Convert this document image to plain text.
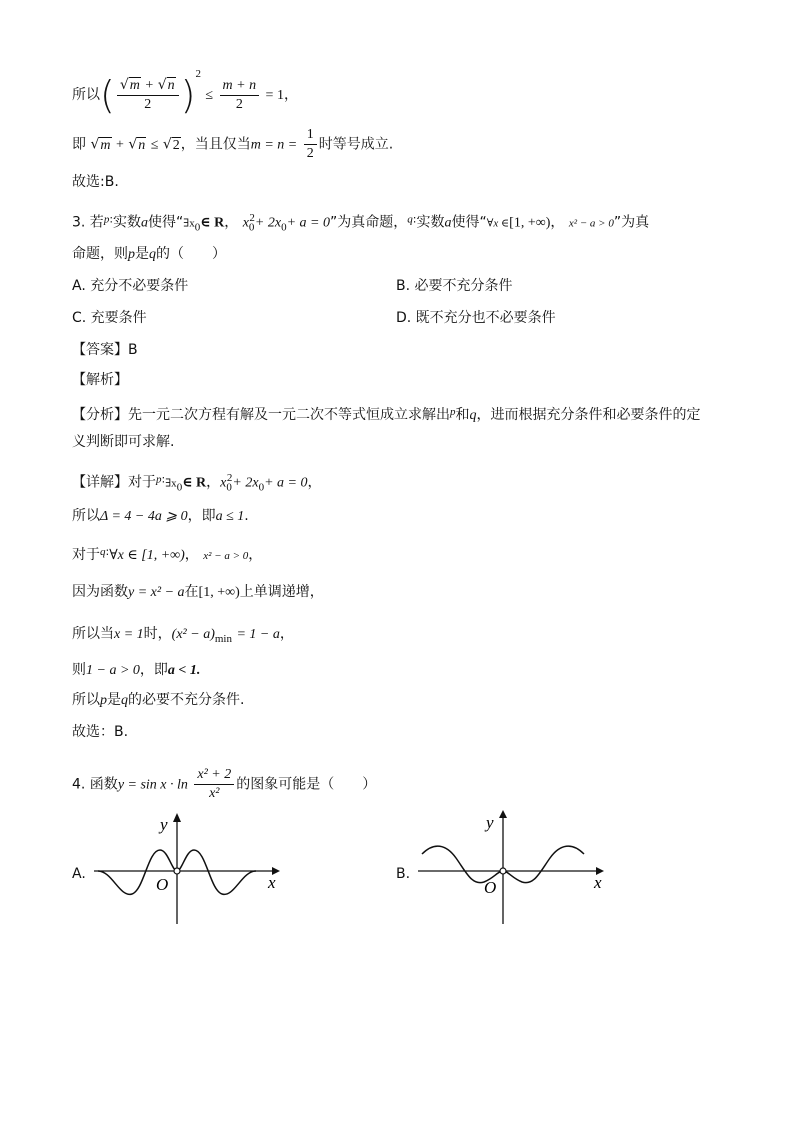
所以( $\frac{√m + √n}{2} )^2 \le \frac{m + n}{2} = 1$，
即 √m + √n ≤ √2，当且仅当$m = n = \frac{1}{2}$ 时等号成立.
故选:B.
3. 若$^{p:}$实数a使得“$\exists x_0\in$ R， $x_0^2+ 2x_0+ a = 0$”为真命题，$^{q:}$实数a使得“∀x ∈[1, +∞)， x² − a > 0”为真
命题，则p是q的（　　）
A. 充分不必要条件	B. 必要不充分条件
C. 充要条件	D. 既不充分也不必要条件
【答案】B
【解析】
【分析】先一元二次方程有解及一元二次不等式恒成立求解出$^p$和q，进而根据充分条件和必要条件的定
义判断即可求解.
【详解】对于$^{p:}\exists x_0\in$ R，$x_0^2+ 2x_0+ a = 0$，
所以Δ = 4 − 4a ⩾ 0，即a ≤ 1.
对于$^{q:}$∀x ∈ [1, +∞)， x² − a > 0，
因为函数y = x² − a在[1, +∞)上单调递增，
所以当x = 1时，$(x^2 - a)_{min} = 1 - a$，
则1 − a > 0，即a < 1.
所以p是q的必要不充分条件.
故选：B.
4. 函数$y = \sin x \cdot \ln \frac{\text{x² + 2}}{\text{x²}}$ 的图象可能是（　　）
A.
O	x
y
B.
O	x
y
